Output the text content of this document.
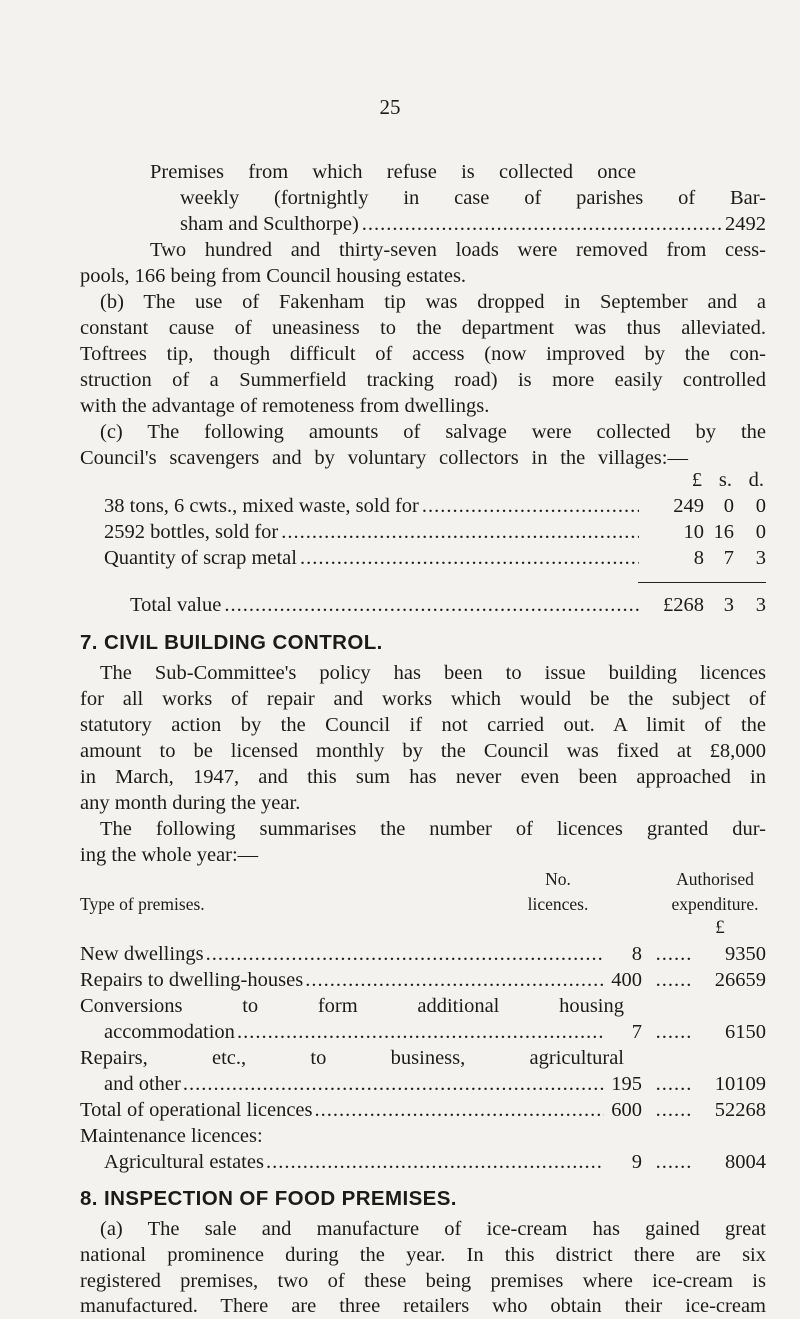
25
Premises from which refuse is collected once
weekly (fortnightly in case of parishes of Bar-
sham and Sculthorpe) .....	2492
Two hundred and thirty-seven loads were removed from cess-
pools, 166 being from Council housing estates.
(b) The use of Fakenham tip was dropped in September and a
constant cause of uneasiness to the department was thus alleviated.
Toftrees tip, though difficult of access (now improved by the con-
struction of a Summerfield tracking road) is more easily controlled
with the advantage of remoteness from dwellings.
(c) The following amounts of salvage were collected by the
Council's scavengers and by voluntary collectors in the villages:—
£ s. d.
38 tons, 6 cwts., mixed waste, sold for .....	249 0	0
2592 bottles, sold for .....	10 16	0
Quantity of scrap metal .....	8 7	3
Total value .....	£268 3	3
7. CIVIL BUILDING CONTROL.
The Sub-Committee's policy has been to issue building licences
for all works of repair and works which would be the subject of
statutory action by the Council if not carried out. A limit of the
amount to be licensed monthly by the Council was fixed at £8,000
in March, 1947, and this sum has never even been approached in
any month during the year.
The following summarises the number of licences granted dur-
ing the whole year:—
No.	Authorised
Type of premises.	licences.	expenditure.
£
New dwellings .....	8 ......	9350
Repairs to dwelling-houses .....	400 ......	26659
Conversions to form additional housing
accommodation .....	7 ......	6150
Repairs, etc., to business, agricultural
and other .....	195 ......	10109
Total of operational licences .....	600 ......	52268
Maintenance licences:
Agricultural estates .....	9 ......	8004
8. INSPECTION OF FOOD PREMISES.
(a) The sale and manufacture of ice-cream has gained great
national prominence during the year. In this district there are six
registered premises, two of these being premises where ice-cream is
manufactured. There are three retailers who obtain their ice-cream
